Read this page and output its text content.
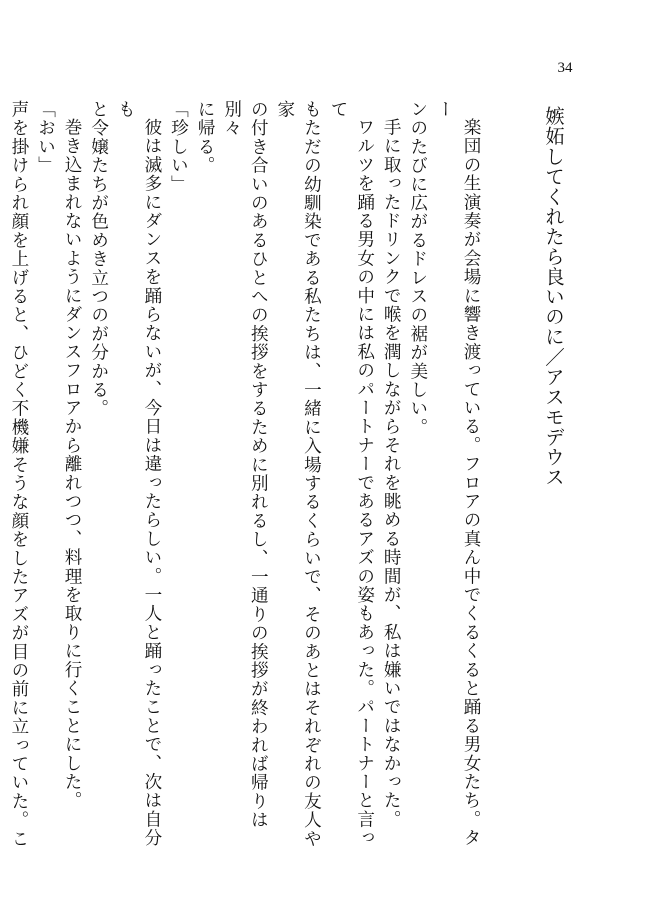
34
嫉妬してくれたら良いのに／アスモデウス

楽団の生演奏が会場に響き渡っている。フロアの真ん中でくるくると踊る男女たち。ター
ンのたびに広がるドレスの裾が美しい。

手に取ったドリンクで喉を潤しながらそれを眺める時間が、私は嫌いではなかった。

ワルツを踊る男女の中には私のパートナーであるアズの姿もあった。パートナーと言って
もただの幼馴染である私たちは、一緒に入場するくらいで、そのあとはそれぞれの友人や家
の付き合いのあるひとへの挨拶をするために別れるし、一通りの挨拶が終われば帰りは別々
に帰る。

「珍しい」

彼は滅多にダンスを踊らないが、今日は違ったらしい。一人と踊ったことで、次は自分も
と令嬢たちが色めき立つのが分かる。

巻き込まれないようにダンスフロアから離れつつ、料理を取りに行くことにした。

「おい」

声を掛けられ顔を上げると、ひどく不機嫌そうな顔をしたアズが目の前に立っていた。こ
